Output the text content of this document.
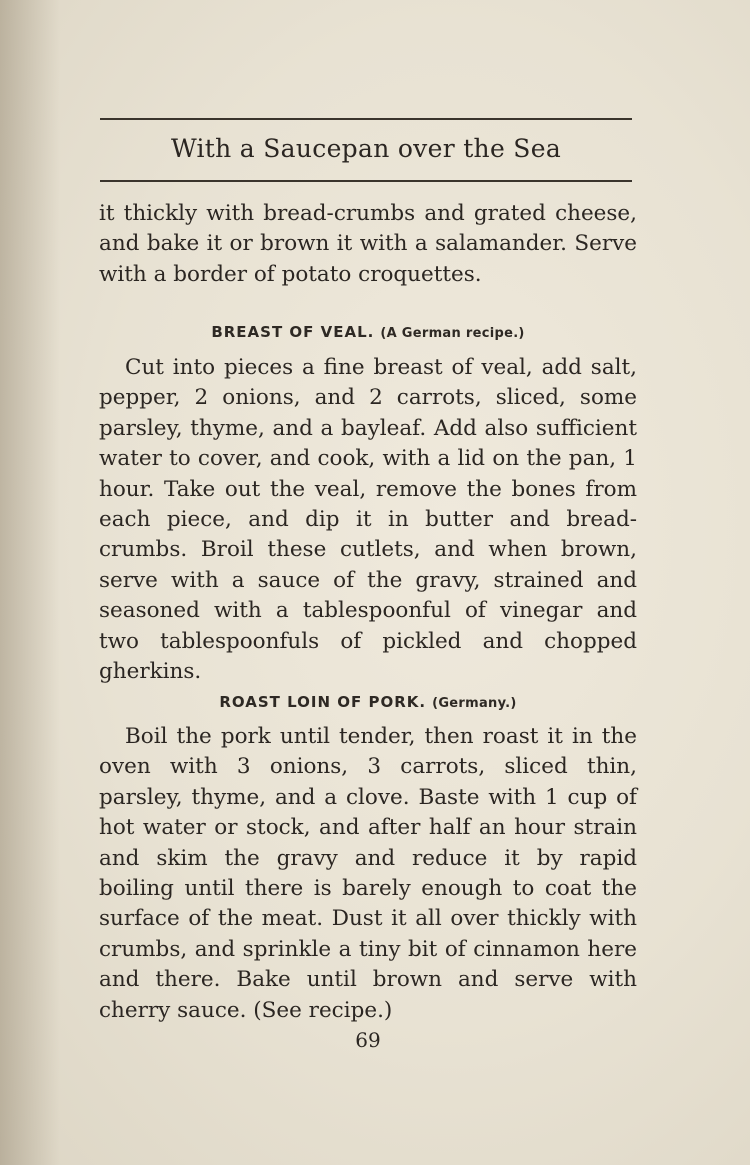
With a Saucepan over the Sea

it thickly with bread-crumbs and grated cheese, and bake it or brown it with a salamander. Serve with a border of potato croquettes.

BREAST OF VEAL. (A German recipe.)

Cut into pieces a fine breast of veal, add salt, pepper, 2 onions, and 2 carrots, sliced, some parsley, thyme, and a bayleaf. Add also sufficient water to cover, and cook, with a lid on the pan, 1 hour. Take out the veal, remove the bones from each piece, and dip it in butter and bread-crumbs. Broil these cutlets, and when brown, serve with a sauce of the gravy, strained and seasoned with a tablespoonful of vinegar and two tablespoonfuls of pickled and chopped gherkins.

ROAST LOIN OF PORK. (Germany.)

Boil the pork until tender, then roast it in the oven with 3 onions, 3 carrots, sliced thin, parsley, thyme, and a clove. Baste with 1 cup of hot water or stock, and after half an hour strain and skim the gravy and reduce it by rapid boiling until there is barely enough to coat the surface of the meat. Dust it all over thickly with crumbs, and sprinkle a tiny bit of cinnamon here and there. Bake until brown and serve with cherry sauce. (See recipe.)

69
